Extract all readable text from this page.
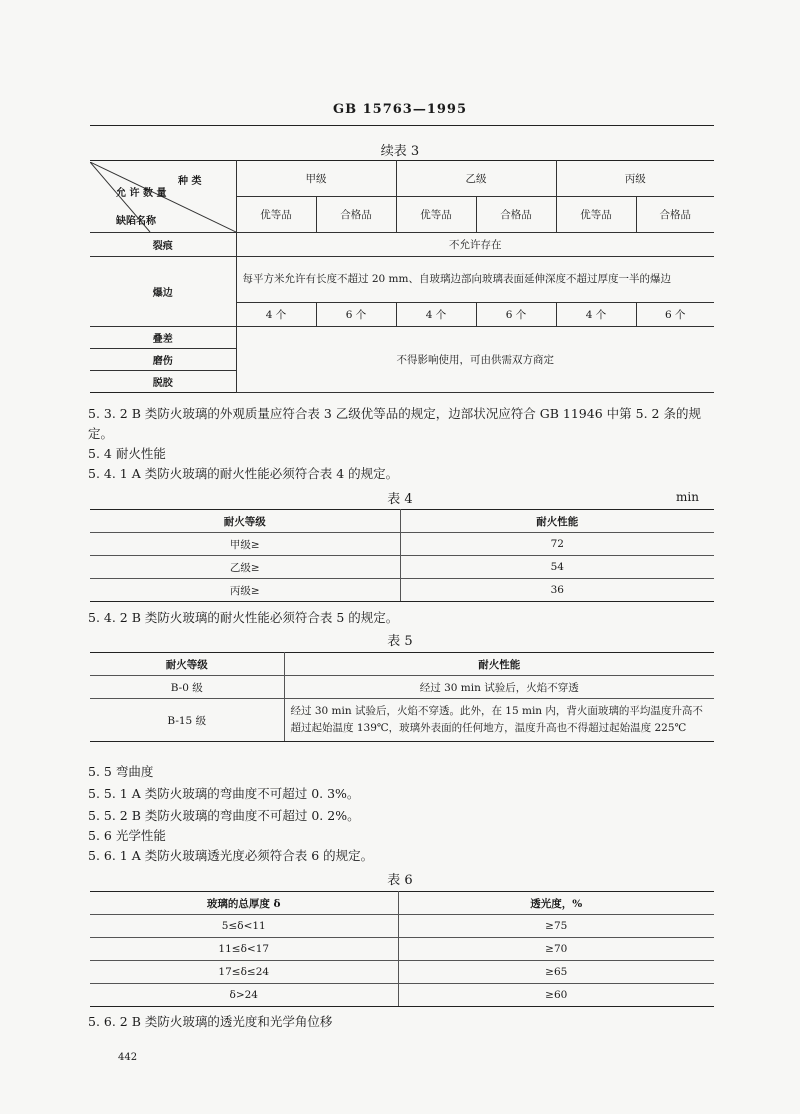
GB 15763—1995
续表 3
种 类
允 许 数 量
缺陷名称	甲级		乙级		丙级	
	优等品	合格品	优等品	合格品	优等品	合格品
裂痕	不允许存在					
爆边	每平方米允许有长度不超过 20 mm、自玻璃边部向玻璃表面延伸深度不超过厚度一半的爆边					
	4 个	6 个	4 个	6 个	4 个	6 个
叠差	不得影响使用，可由供需双方商定					
磨伤						
脱胶						
5. 3. 2 B 类防火玻璃的外观质量应符合表 3 乙级优等品的规定，边部状况应符合 GB 11946 中第 5. 2 条的规定。
5. 4 耐火性能
5. 4. 1 A 类防火玻璃的耐火性能必须符合表 4 的规定。
表 4	min
耐火等级	耐火性能
甲级≥	72
乙级≥	54
丙级≥	36
5. 4. 2 B 类防火玻璃的耐火性能必须符合表 5 的规定。
表 5
耐火等级	耐火性能
B-0 级	经过 30 min 试验后，火焰不穿透
B-15 级	经过 30 min 试验后，火焰不穿透。此外，在 15 min 内，背火面玻璃的平均温度升高不超过起始温度 139℃，玻璃外表面的任何地方，温度升高也不得超过起始温度 225℃
5. 5 弯曲度
5. 5. 1 A 类防火玻璃的弯曲度不可超过 0. 3%。
5. 5. 2 B 类防火玻璃的弯曲度不可超过 0. 2%。
5. 6 光学性能
5. 6. 1 A 类防火玻璃透光度必须符合表 6 的规定。
表 6
玻璃的总厚度 δ	透光度，%
5≤δ<11	≥75
11≤δ<17	≥70
17≤δ≤24	≥65
δ>24	≥60
5. 6. 2 B 类防火玻璃的透光度和光学角位移
442
